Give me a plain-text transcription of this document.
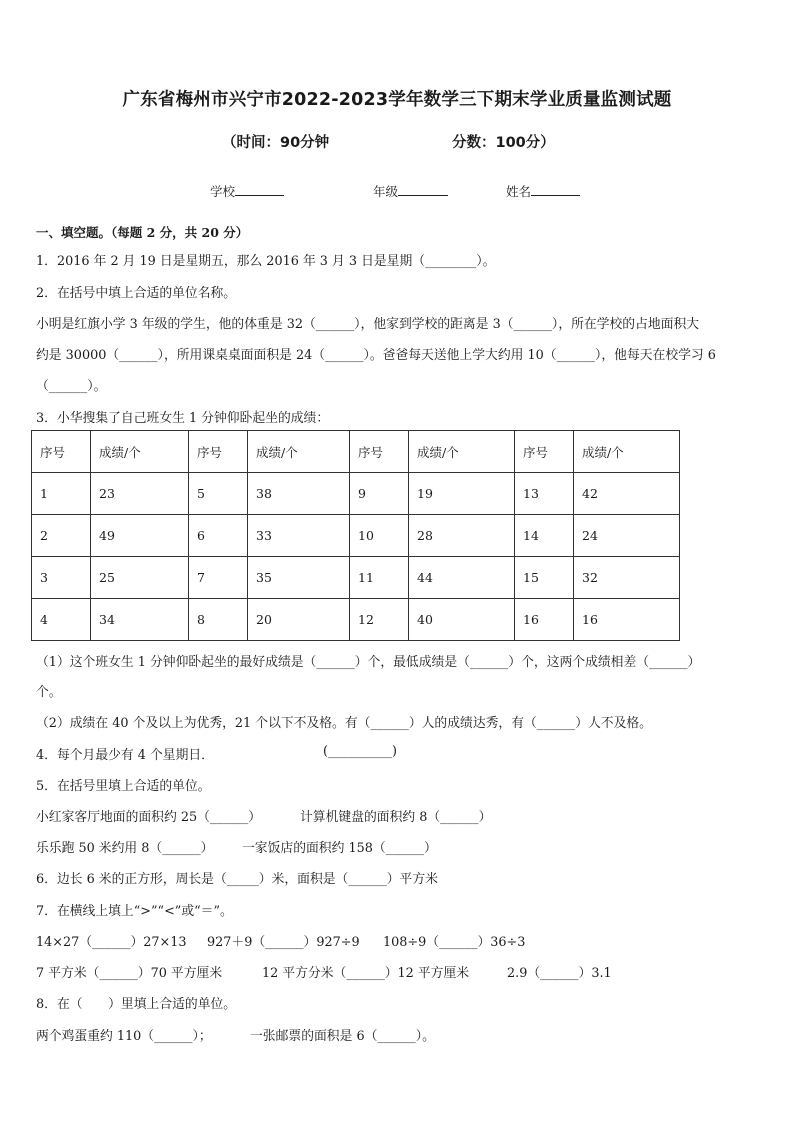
广东省梅州市兴宁市2022-2023学年数学三下期末学业质量监测试题
（时间：90分钟	分数：100分）
学校	年级	姓名
一、填空题。（每题 2 分，共 20 分）
1．2016 年 2 月 19 日是星期五，那么 2016 年 3 月 3 日是星期（________）。
2．在括号中填上合适的单位名称。
小明是红旗小学 3 年级的学生，他的体重是 32（______），他家到学校的距离是 3（______），所在学校的占地面积大
约是 30000（______），所用课桌桌面面积是 24（______）。爸爸每天送他上学大约用 10（______），他每天在校学习 6
（______）。
3．小华搜集了自己班女生 1 分钟仰卧起坐的成绩：
序号	成绩/个	序号	成绩/个	序号	成绩/个	序号	成绩/个
1	23	5	38	9	19	13	42
2	49	6	33	10	28	14	24
3	25	7	35	11	44	15	32
4	34	8	20	12	40	16	16
（1）这个班女生 1 分钟仰卧起坐的最好成绩是（______）个，最低成绩是（______）个，这两个成绩相差（______）
个。
（2）成绩在 40 个及以上为优秀，21 个以下不及格。有（______）人的成绩达秀，有（______）人不及格。
4．每个月最少有 4 个星期日．	(__________)
5．在括号里填上合适的单位。
小红家客厅地面的面积约 25（______）	计算机键盘的面积约 8（______）
乐乐跑 50 米约用 8（______） 一家饭店的面积约 158（______）
6．边长 6 米的正方形，周长是（_____）米，面积是（______）平方米
7．在横线上填上“>”“<”或“＝”。
14×27（______）27×13 927＋9（______）927÷9 108÷9（______）36÷3
7 平方米（______）70 平方厘米	12 平方分米（______）12 平方厘米	2.9（______）3.1
8．在（　　）里填上合适的单位。
两个鸡蛋重约 110（______）；	一张邮票的面积是 6（______）。
